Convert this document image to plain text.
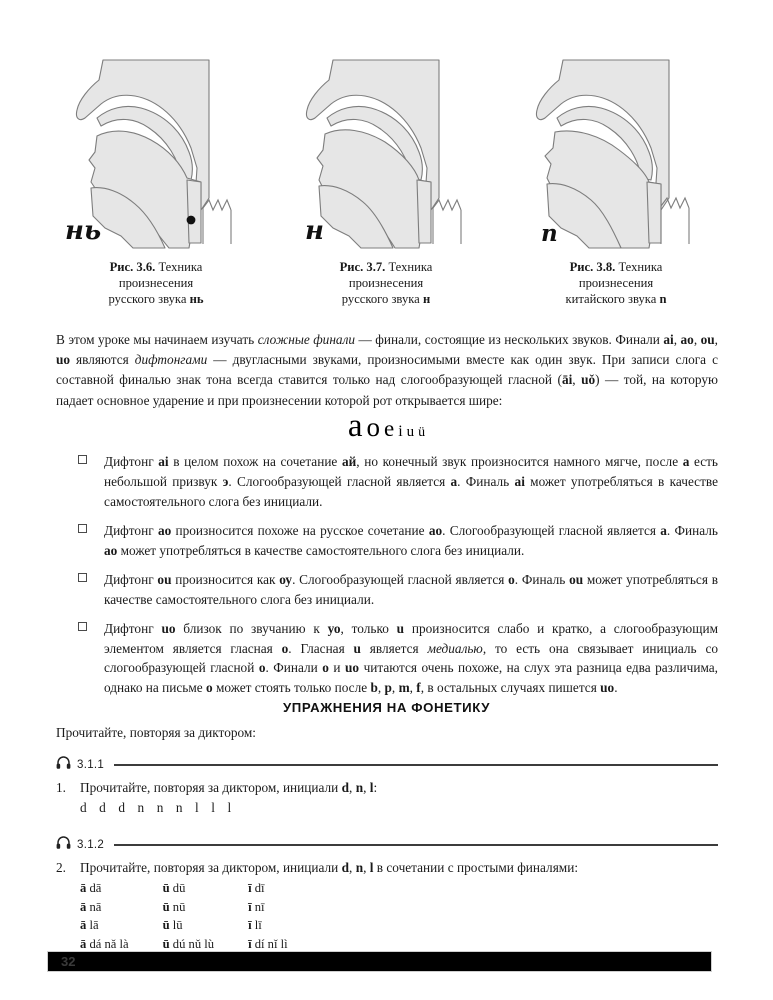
нь
Рис. 3.6. Техника
произнесения
русского звука нь
н
Рис. 3.7. Техника
произнесения
русского звука н
n
Рис. 3.8. Техника
произнесения
китайского звука n
В этом уроке мы начинаем изучать сложные финали — финали, состоящие из нескольких звуков. Финали ai, ao, ou, uo являются дифтонгами — двугласными звуками, произносимыми вместе как один звук. При записи слога с составной финалью знак тона всегда ставится только над слогообразующей гласной (āi, uǒ) — той, на которую падает основное ударение и при произнесении которой рот открывается шире:
a o e i u ü
Дифтонг ai в целом похож на сочетание ай, но конечный звук произносится намного мягче, после а есть небольшой призвук э. Слогообразующей гласной является a. Финаль ai может употребляться в качестве самостоятельного слога без инициали.
Дифтонг ao произносится похоже на русское сочетание ао. Слогообразующей гласной является a. Финаль ao может употребляться в качестве самостоятельного слога без инициали.
Дифтонг ou произносится как оу. Слогообразующей гласной является o. Финаль ou может употребляться в качестве самостоятельного слога без инициали.
Дифтонг uo близок по звучанию к уо, только u произносится слабо и кратко, а слогообразующим элементом является гласная o. Гласная u является медиалью, то есть она связывает инициаль со слогообразующей гласной o. Финали o и uo читаются очень похоже, на слух эта разница едва различима, однако на письме o может стоять только после b, p, m, f, в остальных случаях пишется uo.
УПРАЖНЕНИЯ НА ФОНЕТИКУ
Прочитайте, повторяя за диктором:
3.1.1
1. Прочитайте, повторяя за диктором, инициали d, n, l:
d d d n n n l l l
3.1.2
2. Прочитайте, повторяя за диктором, инициали d, n, l в сочетании с простыми финалями:
ā dā	ū dū	ī dī
ā nā	ū nū	ī nī
ā lā	ū lū	ī lī
ā dá nǎ là	ū dú nǔ lù	ī dí nǐ lì
32
